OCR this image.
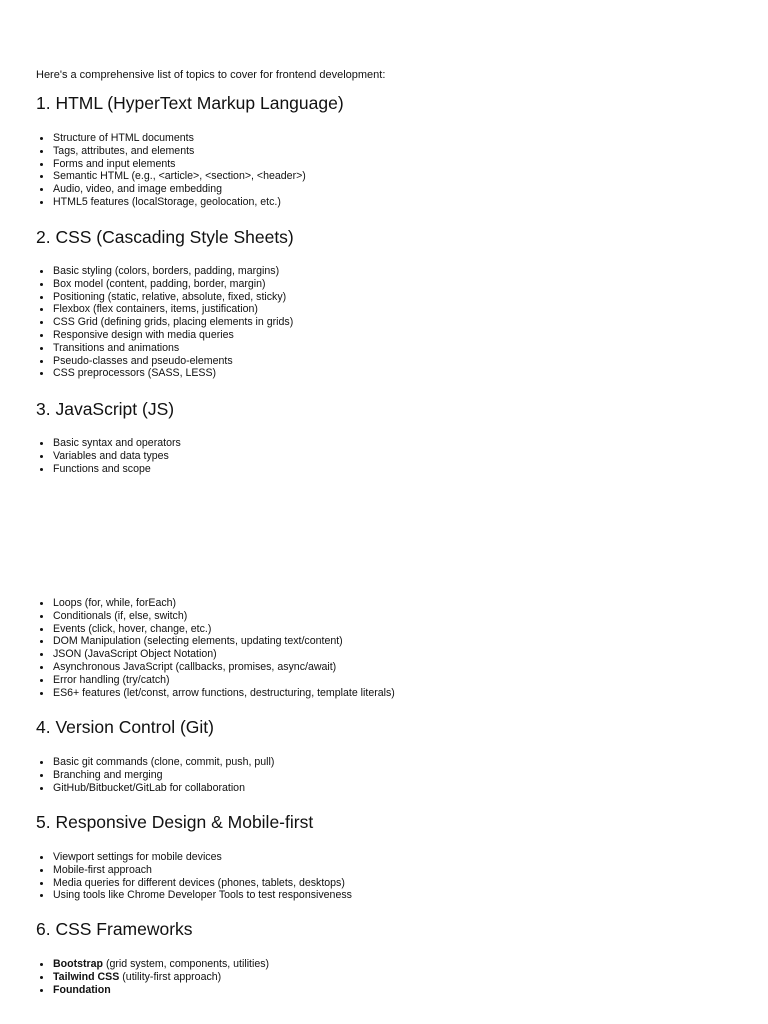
Here's a comprehensive list of topics to cover for frontend development:

1. HTML (HyperText Markup Language)
Structure of HTML documents
Tags, attributes, and elements
Forms and input elements
Semantic HTML (e.g., <article>, <section>, <header>)
Audio, video, and image embedding
HTML5 features (localStorage, geolocation, etc.)
2. CSS (Cascading Style Sheets)
Basic styling (colors, borders, padding, margins)
Box model (content, padding, border, margin)
Positioning (static, relative, absolute, fixed, sticky)
Flexbox (flex containers, items, justification)
CSS Grid (defining grids, placing elements in grids)
Responsive design with media queries
Transitions and animations
Pseudo-classes and pseudo-elements
CSS preprocessors (SASS, LESS)
3. JavaScript (JS)
Basic syntax and operators
Variables and data types
Functions and scope
Loops (for, while, forEach)
Conditionals (if, else, switch)
Events (click, hover, change, etc.)
DOM Manipulation (selecting elements, updating text/content)
JSON (JavaScript Object Notation)
Asynchronous JavaScript (callbacks, promises, async/await)
Error handling (try/catch)
ES6+ features (let/const, arrow functions, destructuring, template literals)
4. Version Control (Git)
Basic git commands (clone, commit, push, pull)
Branching and merging
GitHub/Bitbucket/GitLab for collaboration
5. Responsive Design & Mobile-first
Viewport settings for mobile devices
Mobile-first approach
Media queries for different devices (phones, tablets, desktops)
Using tools like Chrome Developer Tools to test responsiveness
6. CSS Frameworks
Bootstrap (grid system, components, utilities)
Tailwind CSS (utility-first approach)
Foundation
